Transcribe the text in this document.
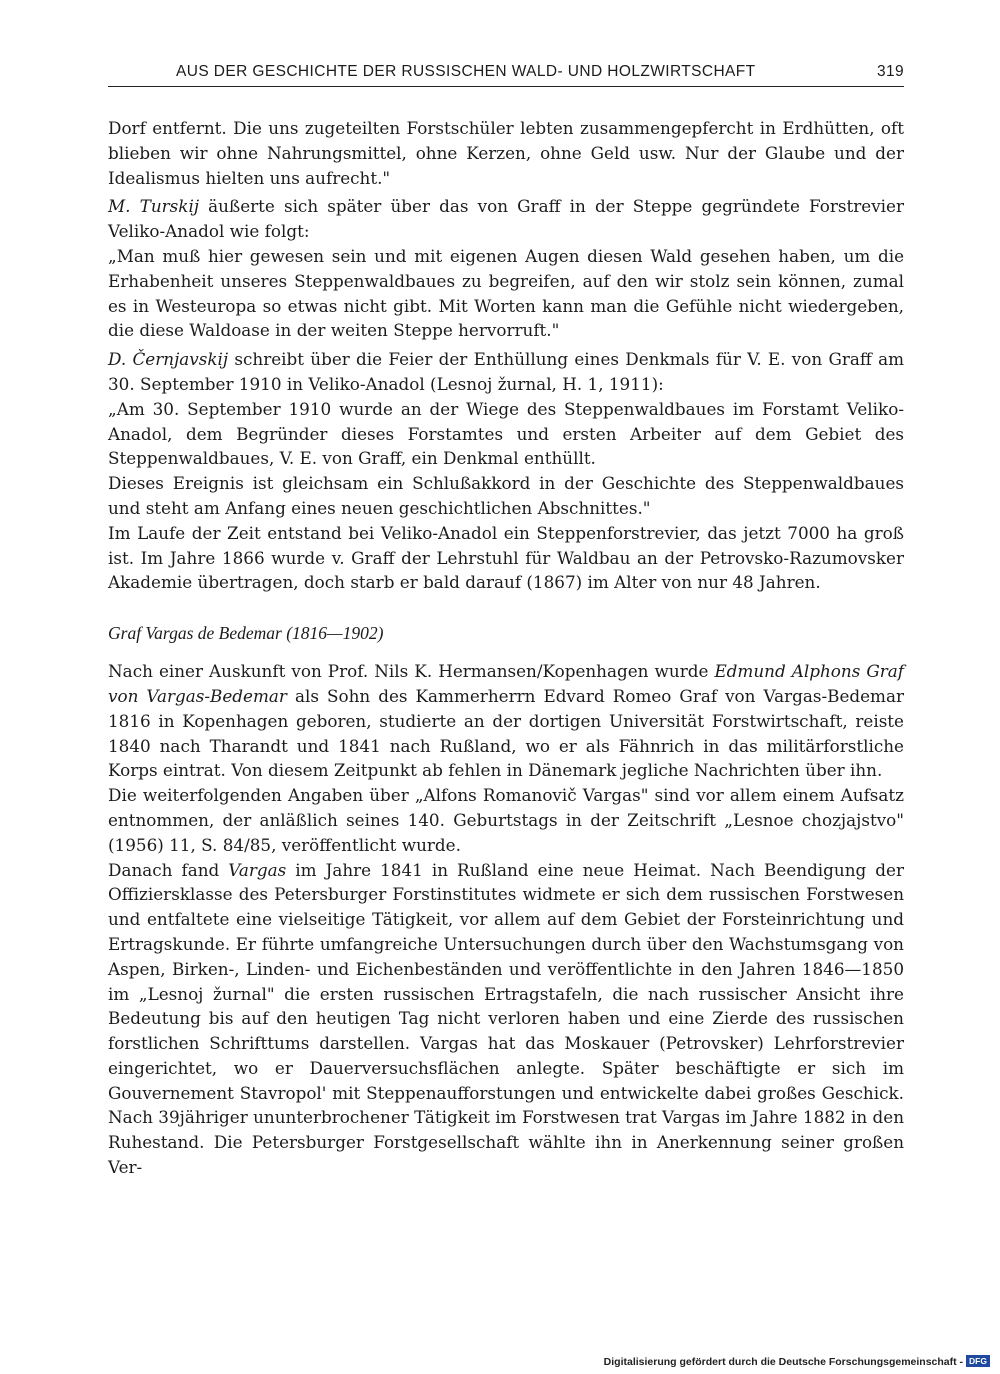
AUS DER GESCHICHTE DER RUSSISCHEN WALD- UND HOLZWIRTSCHAFT	319

Dorf entfernt. Die uns zugeteilten Forstschüler lebten zusammengepfercht in Erdhütten, oft blieben wir ohne Nahrungsmittel, ohne Kerzen, ohne Geld usw. Nur der Glaube und der Idealismus hielten uns aufrecht."

M. Turskij äußerte sich später über das von Graff in der Steppe gegründete Forstrevier Veliko-Anadol wie folgt:

„Man muß hier gewesen sein und mit eigenen Augen diesen Wald gesehen haben, um die Erhabenheit unseres Steppenwaldbaues zu begreifen, auf den wir stolz sein können, zumal es in Westeuropa so etwas nicht gibt. Mit Worten kann man die Gefühle nicht wiedergeben, die diese Waldoase in der weiten Steppe hervorruft."

D. Černjavskij schreibt über die Feier der Enthüllung eines Denkmals für V. E. von Graff am 30. September 1910 in Veliko-Anadol (Lesnoj žurnal, H. 1, 1911):

„Am 30. September 1910 wurde an der Wiege des Steppenwaldbaues im Forstamt Veliko-Anadol, dem Begründer dieses Forstamtes und ersten Arbeiter auf dem Gebiet des Steppenwaldbaues, V. E. von Graff, ein Denkmal enthüllt.

Dieses Ereignis ist gleichsam ein Schlußakkord in der Geschichte des Steppenwaldbaues und steht am Anfang eines neuen geschichtlichen Abschnittes."

Im Laufe der Zeit entstand bei Veliko-Anadol ein Steppenforstrevier, das jetzt 7000 ha groß ist. Im Jahre 1866 wurde v. Graff der Lehrstuhl für Waldbau an der Petrovsko-Razumovsker Akademie übertragen, doch starb er bald darauf (1867) im Alter von nur 48 Jahren.

Graf Vargas de Bedemar (1816—1902)

Nach einer Auskunft von Prof. Nils K. Hermansen/Kopenhagen wurde Edmund Alphons Graf von Vargas-Bedemar als Sohn des Kammerherrn Edvard Romeo Graf von Vargas-Bedemar 1816 in Kopenhagen geboren, studierte an der dortigen Universität Forstwirtschaft, reiste 1840 nach Tharandt und 1841 nach Rußland, wo er als Fähnrich in das militärforstliche Korps eintrat. Von diesem Zeitpunkt ab fehlen in Dänemark jegliche Nachrichten über ihn.

Die weiterfolgenden Angaben über „Alfons Romanovič Vargas" sind vor allem einem Aufsatz entnommen, der anläßlich seines 140. Geburtstags in der Zeitschrift „Lesnoe chozjajstvo" (1956) 11, S. 84/85, veröffentlicht wurde.

Danach fand Vargas im Jahre 1841 in Rußland eine neue Heimat. Nach Beendigung der Offiziersklasse des Petersburger Forstinstitutes widmete er sich dem russischen Forstwesen und entfaltete eine vielseitige Tätigkeit, vor allem auf dem Gebiet der Forsteinrichtung und Ertragskunde. Er führte umfangreiche Untersuchungen durch über den Wachstumsgang von Aspen, Birken-, Linden- und Eichenbeständen und veröffentlichte in den Jahren 1846—1850 im „Lesnoj žurnal" die ersten russischen Ertragstafeln, die nach russischer Ansicht ihre Bedeutung bis auf den heutigen Tag nicht verloren haben und eine Zierde des russischen forstlichen Schrifttums darstellen. Vargas hat das Moskauer (Petrovsker) Lehrforstrevier eingerichtet, wo er Dauerversuchsflächen anlegte. Später beschäftigte er sich im Gouvernement Stavropol' mit Steppenaufforstungen und entwickelte dabei großes Geschick. Nach 39jähriger ununterbrochener Tätigkeit im Forstwesen trat Vargas im Jahre 1882 in den Ruhestand. Die Petersburger Forstgesellschaft wählte ihn in Anerkennung seiner großen Ver-

Digitalisierung gefördert durch die Deutsche Forschungsgemeinschaft - DFG
